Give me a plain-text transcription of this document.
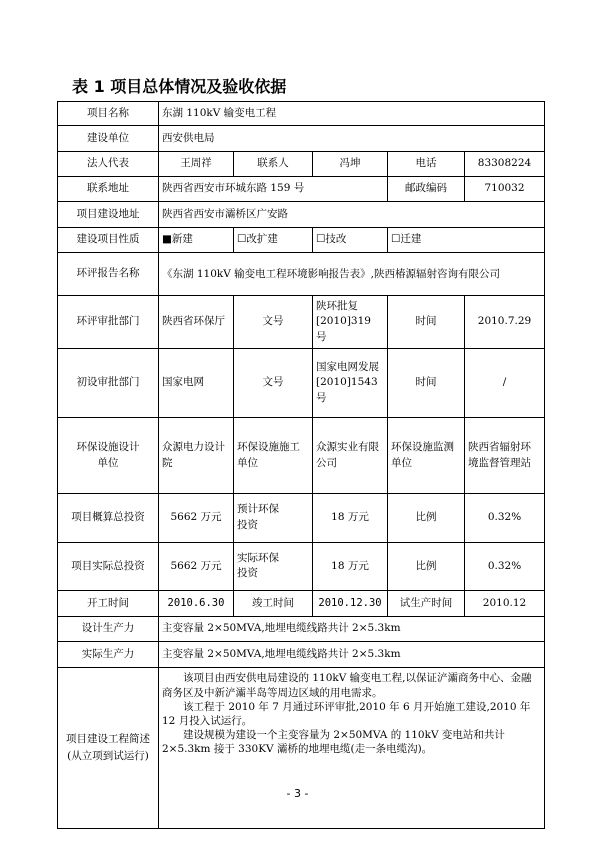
表 1 项目总体情况及验收依据
项目名称	东湖 110kV 输变电工程				
建设单位	西安供电局				
法人代表	王周祥	联系人	冯坤	电话	83308224
联系地址	陕西省西安市环城东路 159 号			邮政编码	710032
项目建设地址	陕西省西安市灞桥区广安路				
建设项目性质	■新建	☐改扩建	☐技改	☐迁建	
环评报告名称	《东湖 110kV 输变电工程环境影响报告表》,陕西椿源辐射咨询有限公司				
环评审批部门	陕西省环保厅	文号	陕环批复[2010]319 号	时间	2010.7.29
初设审批部门	国家电网	文号	国家电网发展[2010]1543 号	时间	/
环保设施设计单位	众源电力设计院	环保设施施工单位	众源实业有限公司	环保设施监测单位	陕西省辐射环境监督管理站
项目概算总投资	5662 万元	预计环保投资	18 万元	比例	0.32%
项目实际总投资	5662 万元	实际环保投资	18 万元	比例	0.32%
开工时间	2010.6.30	竣工时间	2010.12.30	试生产时间	2010.12
设计生产力	主变容量 2×50MVA,地埋电缆线路共计 2×5.3km				
实际生产力	主变容量 2×50MVA,地埋电缆线路共计 2×5.3km				
项目建设工程简述(从立项到试运行)	该项目由西安供电局建设的 110kV 输变电工程,以保证浐灞商务中心、金融商务区及中新浐灞半岛等周边区域的用电需求。

该工程于 2010 年 7 月通过环评审批,2010 年 6 月开始施工建设,2010 年 12 月投入试运行。

建设规模为建设一个主变容量为 2×50MVA 的 110kV 变电站和共计 2×5.3km 接于 330KV 灞桥的地埋电缆(走一条电缆沟)。				

- 3 -
